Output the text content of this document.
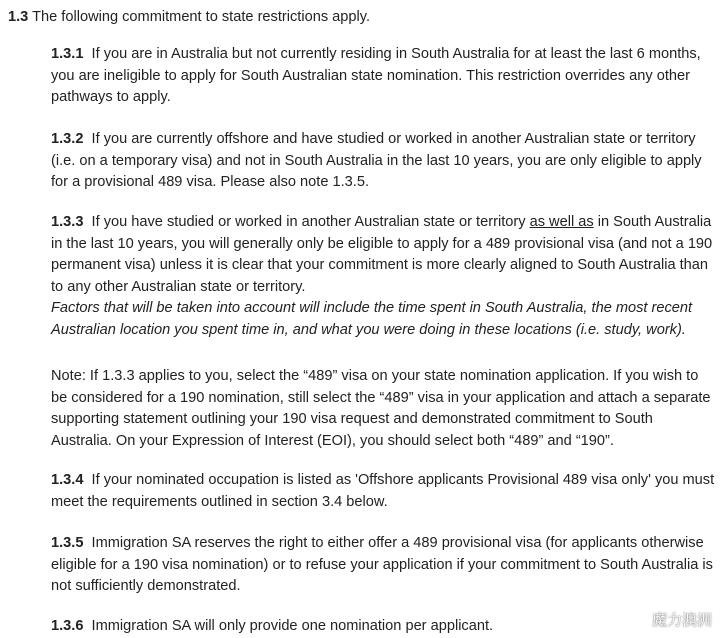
1.3 The following commitment to state restrictions apply.
1.3.1 If you are in Australia but not currently residing in South Australia for at least the last 6 months, you are ineligible to apply for South Australian state nomination. This restriction overrides any other pathways to apply.
1.3.2 If you are currently offshore and have studied or worked in another Australian state or territory (i.e. on a temporary visa) and not in South Australia in the last 10 years, you are only eligible to apply for a provisional 489 visa. Please also note 1.3.5.
1.3.3 If you have studied or worked in another Australian state or territory as well as in South Australia in the last 10 years, you will generally only be eligible to apply for a 489 provisional visa (and not a 190 permanent visa) unless it is clear that your commitment is more clearly aligned to South Australia than to any other Australian state or territory.
Factors that will be taken into account will include the time spent in South Australia, the most recent Australian location you spent time in, and what you were doing in these locations (i.e. study, work).
Note: If 1.3.3 applies to you, select the “489” visa on your state nomination application. If you wish to be considered for a 190 nomination, still select the “489” visa in your application and attach a separate supporting statement outlining your 190 visa request and demonstrated commitment to South Australia. On your Expression of Interest (EOI), you should select both “489” and “190”.
1.3.4 If your nominated occupation is listed as 'Offshore applicants Provisional 489 visa only' you must meet the requirements outlined in section 3.4 below.
1.3.5 Immigration SA reserves the right to either offer a 489 provisional visa (for applicants otherwise eligible for a 190 visa nomination) or to refuse your application if your commitment to South Australia is not sufficiently demonstrated.
1.3.6 Immigration SA will only provide one nomination per applicant.	魔力澳洲
